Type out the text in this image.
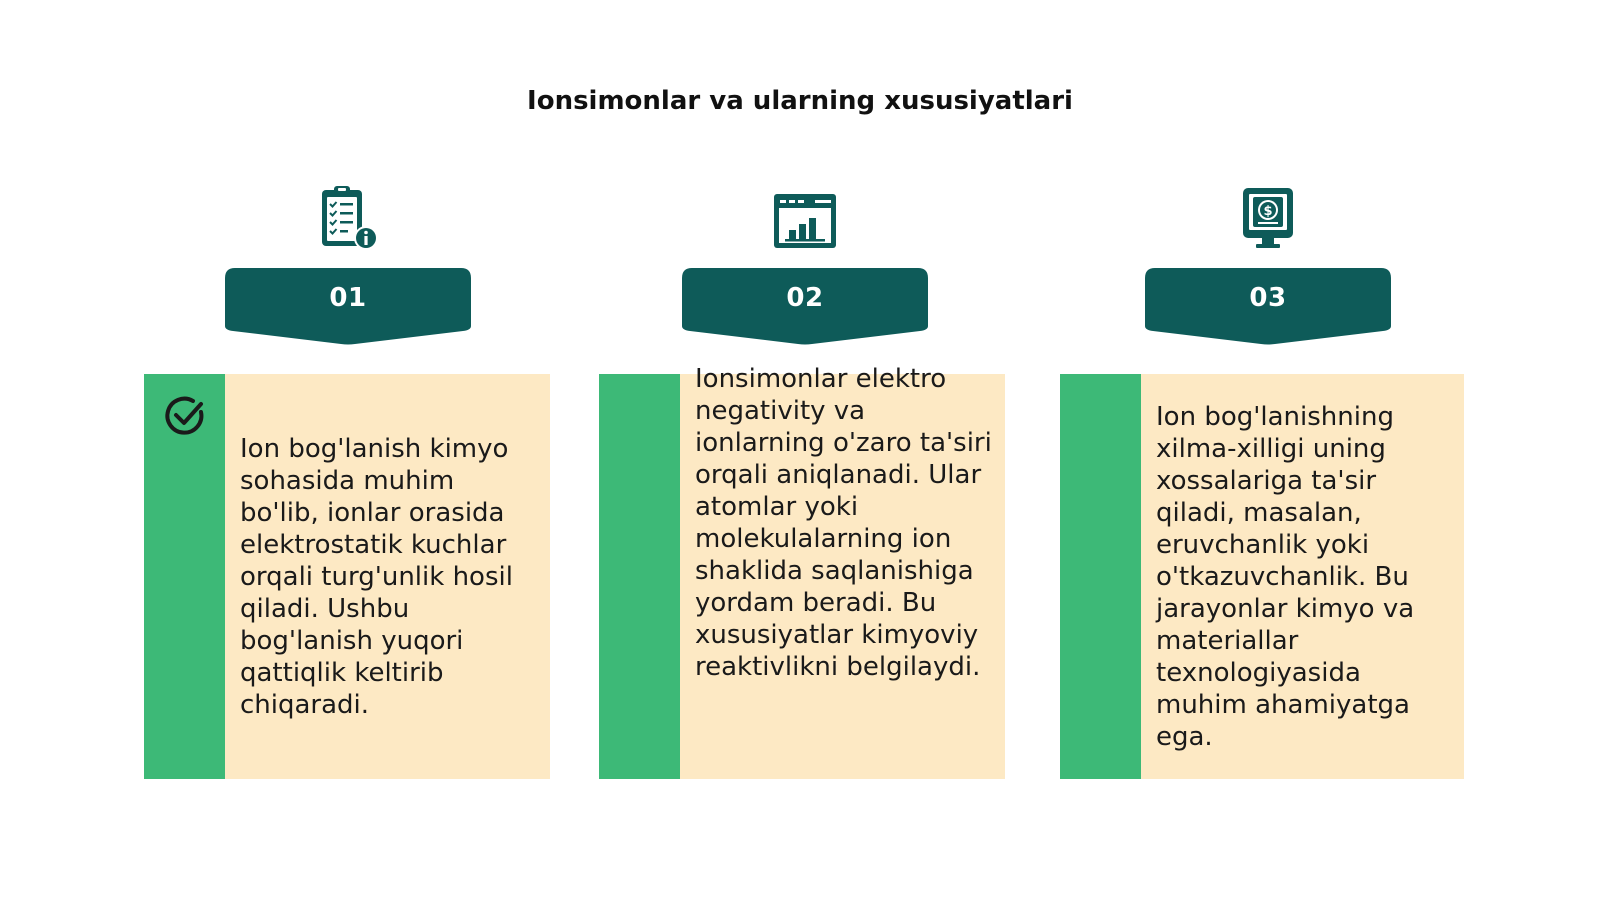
Ionsimonlar va ularning xususiyatlari
01

Ion bog'lanish kimyo sohasida muhim bo'lib, ionlar orasida elektrostatik kuchlar orqali turg'unlik hosil qiladi. Ushbu bog'lanish yuqori qattiqlik keltirib chiqaradi.

02

Ionsimonlar elektro negativity va ionlarning o'zaro ta'siri orqali aniqlanadi. Ular atomlar yoki molekulalarning ion shaklida saqlanishiga yordam beradi. Bu xususiyatlar kimyoviy reaktivlikni belgilaydi.

$
03

Ion bog'lanishning xilma-xilligi uning xossalariga ta'sir qiladi, masalan, eruvchanlik yoki o'tkazuvchanlik. Bu jarayonlar kimyo va materiallar texnologiyasida muhim ahamiyatga ega.
